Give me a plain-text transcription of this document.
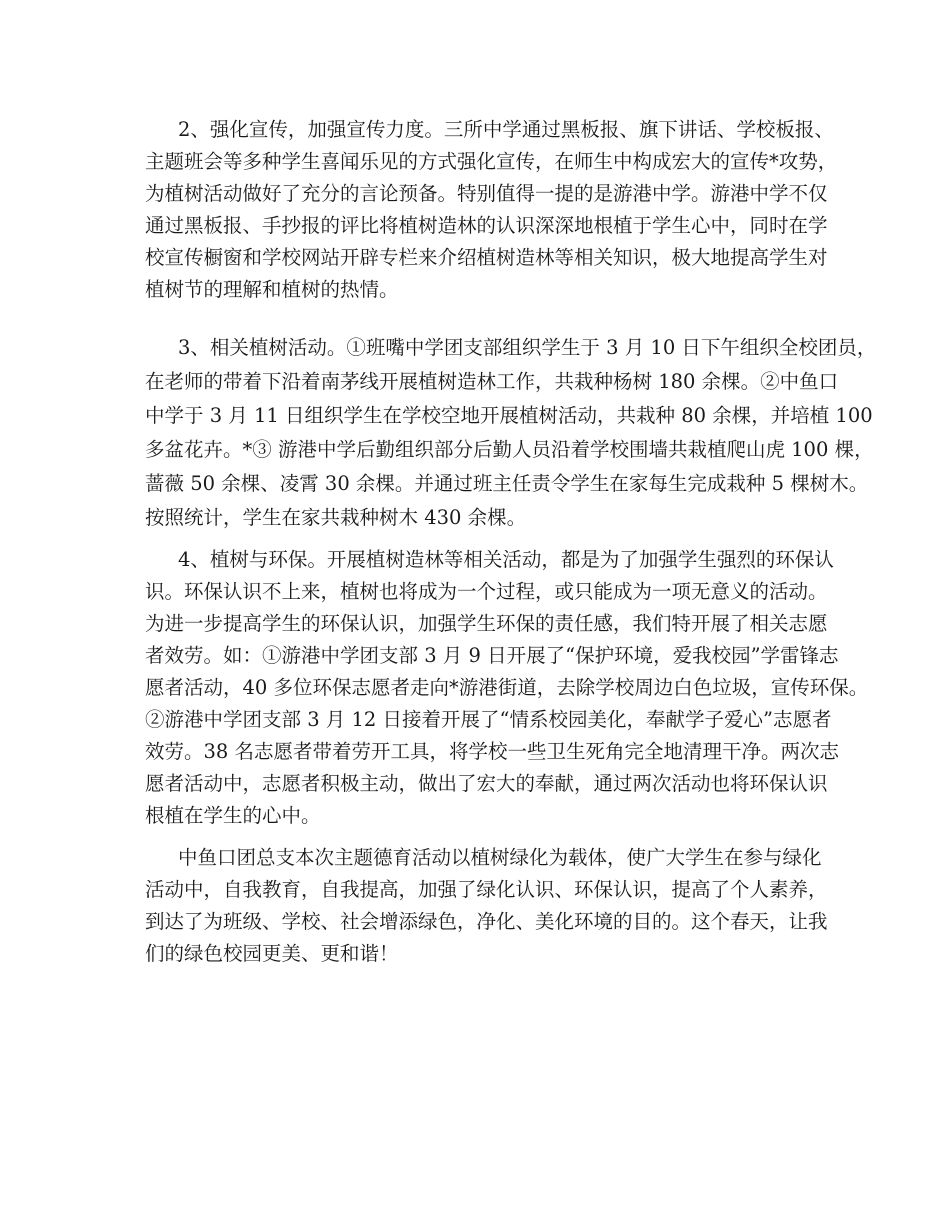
2、强化宣传，加强宣传力度。三所中学通过黑板报、旗下讲话、学校板报、
主题班会等多种学生喜闻乐见的方式强化宣传，在师生中构成宏大的宣传*攻势，
为植树活动做好了充分的言论预备。特别值得一提的是游港中学。游港中学不仅
通过黑板报、手抄报的评比将植树造林的认识深深地根植于学生心中，同时在学
校宣传橱窗和学校网站开辟专栏来介绍植树造林等相关知识，极大地提高学生对
植树节的理解和植树的热情。
3、相关植树活动。①班嘴中学团支部组织学生于 3 月 10 日下午组织全校团员，
在老师的带着下沿着南茅线开展植树造林工作，共栽种杨树 180 余棵。②中鱼口
中学于 3 月 11 日组织学生在学校空地开展植树活动，共栽种 80 余棵，并培植 100
多盆花卉。*③ 游港中学后勤组织部分后勤人员沿着学校围墙共栽植爬山虎 100 棵，
蔷薇 50 余棵、凌霄 30 余棵。并通过班主任责令学生在家每生完成栽种 5 棵树木。
按照统计，学生在家共栽种树木 430 余棵。
4、植树与环保。开展植树造林等相关活动，都是为了加强学生强烈的环保认
识。环保认识不上来，植树也将成为一个过程，或只能成为一项无意义的活动。
为进一步提高学生的环保认识，加强学生环保的责任感，我们特开展了相关志愿
者效劳。如：①游港中学团支部 3 月 9 日开展了“保护环境，爱我校园”学雷锋志
愿者活动，40 多位环保志愿者走向*游港街道，去除学校周边白色垃圾，宣传环保。
②游港中学团支部 3 月 12 日接着开展了“情系校园美化，奉献学子爱心”志愿者
效劳。38 名志愿者带着劳开工具，将学校一些卫生死角完全地清理干净。两次志
愿者活动中，志愿者积极主动，做出了宏大的奉献，通过两次活动也将环保认识
根植在学生的心中。
中鱼口团总支本次主题德育活动以植树绿化为载体，使广大学生在参与绿化
活动中，自我教育，自我提高，加强了绿化认识、环保认识，提高了个人素养，
到达了为班级、学校、社会增添绿色，净化、美化环境的目的。这个春天，让我
们的绿色校园更美、更和谐！
